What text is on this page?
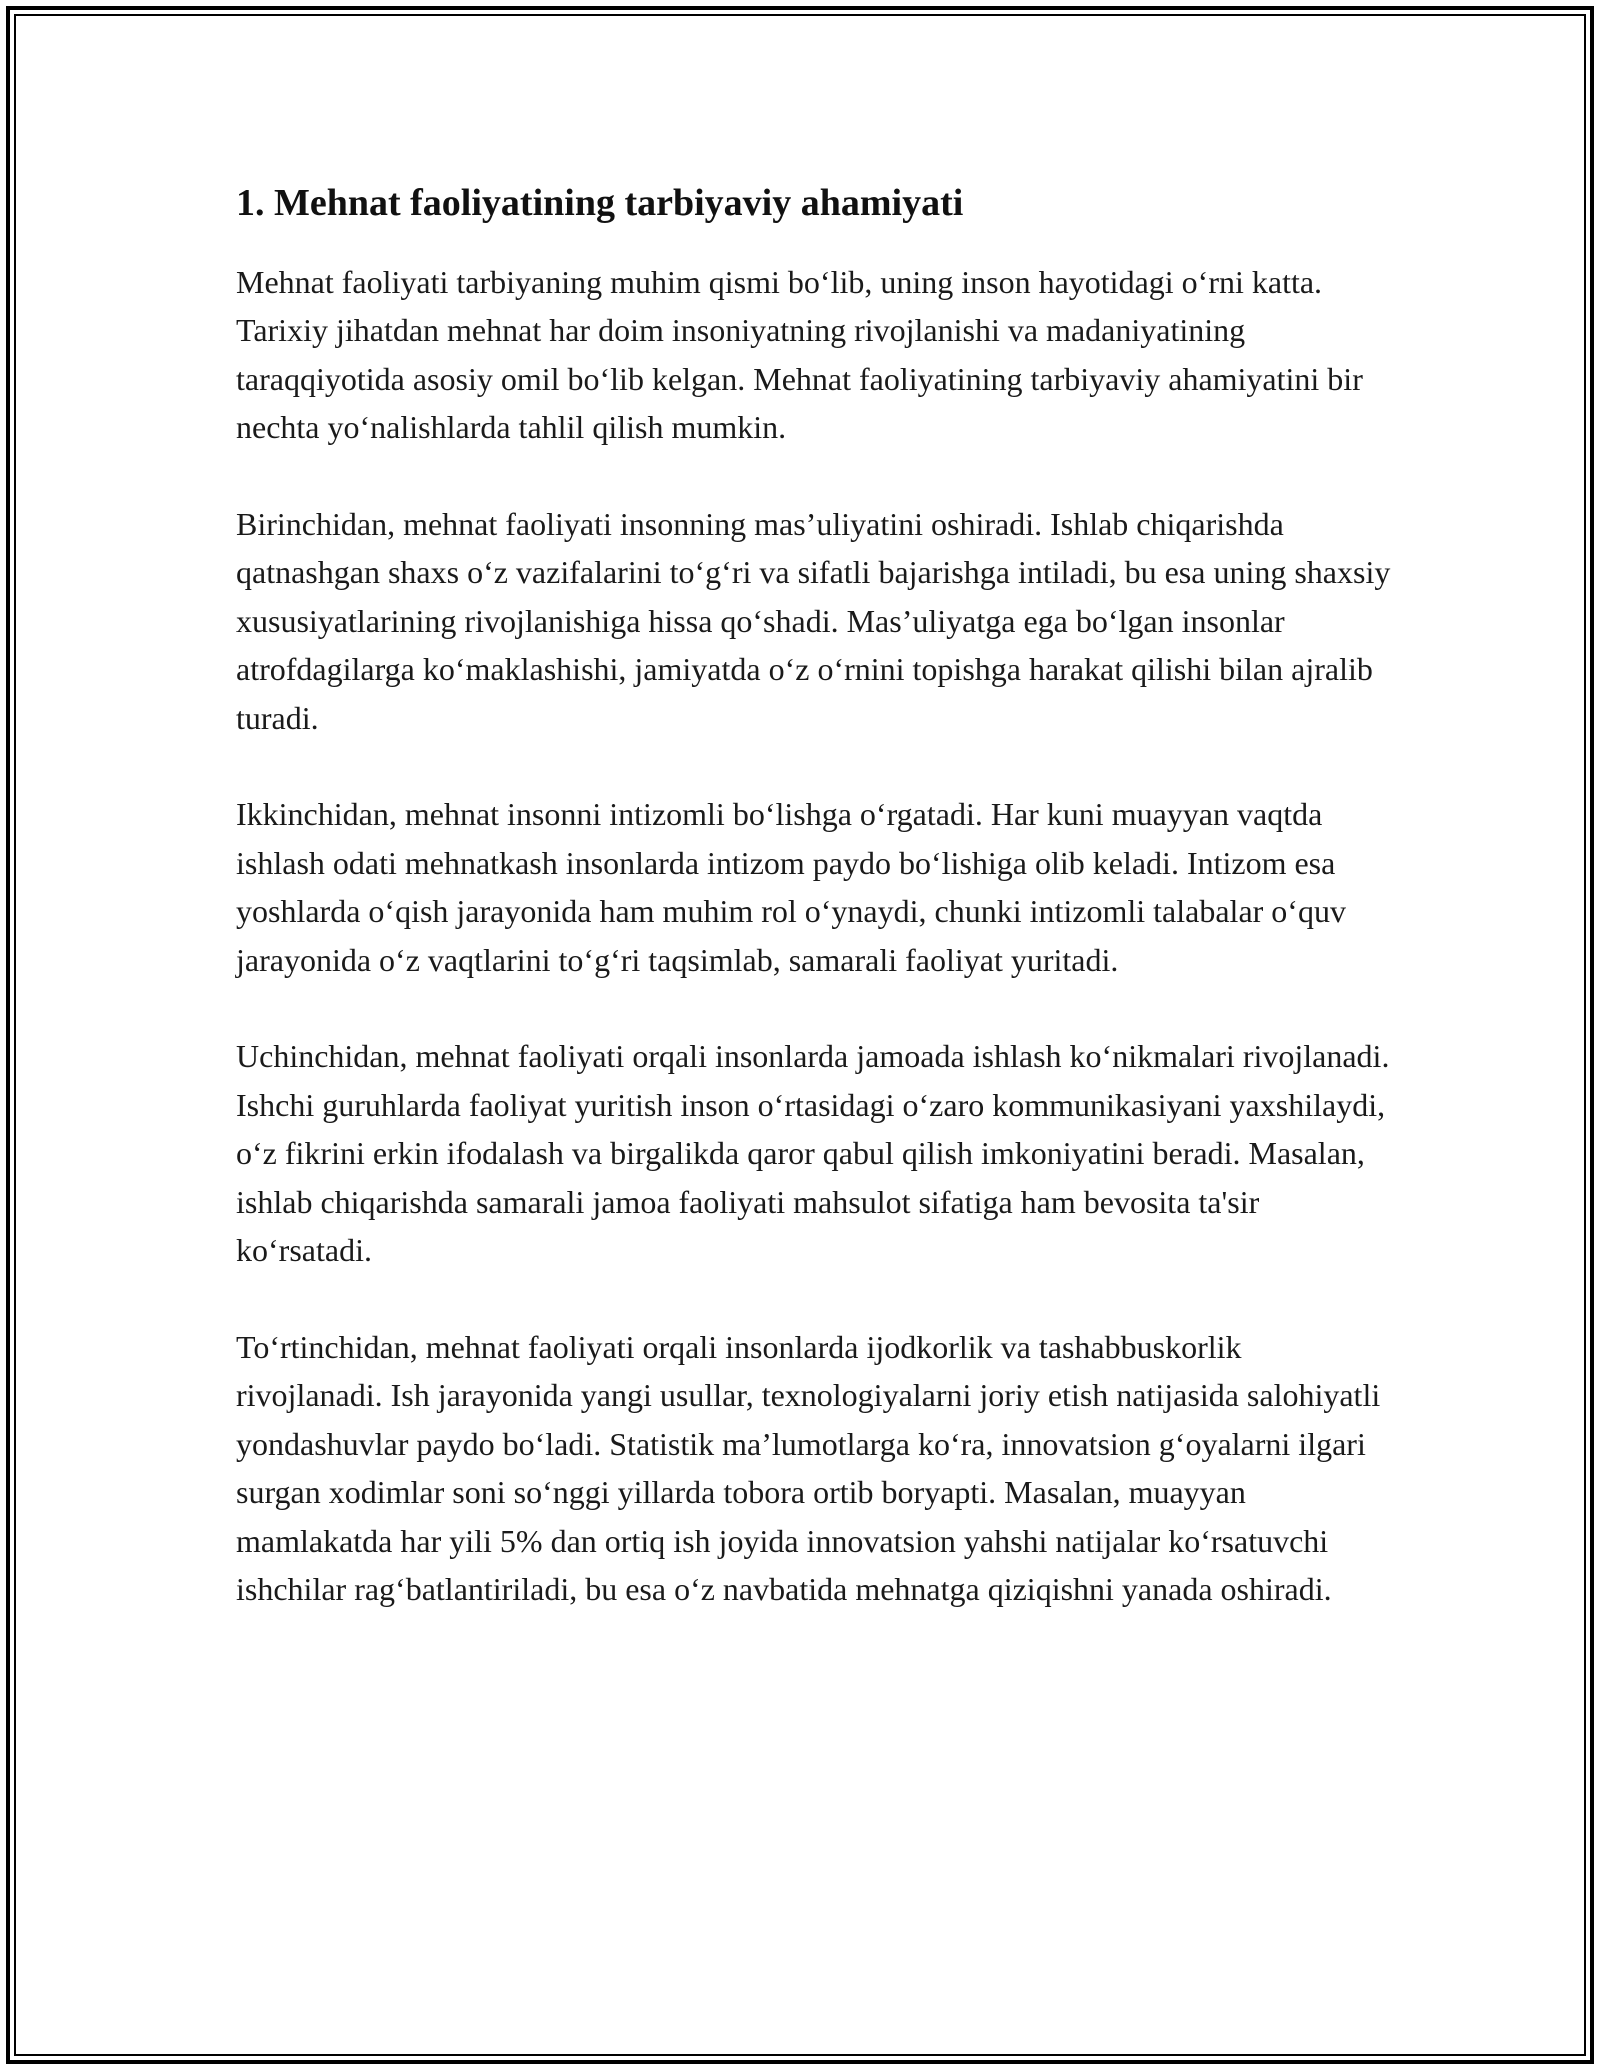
1. Mehnat faoliyatining tarbiyaviy ahamiyati

Mehnat faoliyati tarbiyaning muhim qismi bo‘lib, uning inson hayotidagi o‘rni katta. Tarixiy jihatdan mehnat har doim insoniyatning rivojlanishi va madaniyatining taraqqiyotida asosiy omil bo‘lib kelgan. Mehnat faoliyatining tarbiyaviy ahamiyatini bir nechta yo‘nalishlarda tahlil qilish mumkin.

Birinchidan, mehnat faoliyati insonning mas’uliyatini oshiradi. Ishlab chiqarishda qatnashgan shaxs o‘z vazifalarini to‘g‘ri va sifatli bajarishga intiladi, bu esa uning shaxsiy xususiyatlarining rivojlanishiga hissa qo‘shadi. Mas’uliyatga ega bo‘lgan insonlar atrofdagilarga ko‘maklashishi, jamiyatda o‘z o‘rnini topishga harakat qilishi bilan ajralib turadi.

Ikkinchidan, mehnat insonni intizomli bo‘lishga o‘rgatadi. Har kuni muayyan vaqtda ishlash odati mehnatkash insonlarda intizom paydo bo‘lishiga olib keladi. Intizom esa yoshlarda o‘qish jarayonida ham muhim rol o‘ynaydi, chunki intizomli talabalar o‘quv jarayonida o‘z vaqtlarini to‘g‘ri taqsimlab, samarali faoliyat yuritadi.

Uchinchidan, mehnat faoliyati orqali insonlarda jamoada ishlash ko‘nikmalari rivojlanadi. Ishchi guruhlarda faoliyat yuritish inson o‘rtasidagi o‘zaro kommunikasiyani yaxshilaydi, o‘z fikrini erkin ifodalash va birgalikda qaror qabul qilish imkoniyatini beradi. Masalan, ishlab chiqarishda samarali jamoa faoliyati mahsulot sifatiga ham bevosita ta'sir ko‘rsatadi.

To‘rtinchidan, mehnat faoliyati orqali insonlarda ijodkorlik va tashabbuskorlik rivojlanadi. Ish jarayonida yangi usullar, texnologiyalarni joriy etish natijasida salohiyatli yondashuvlar paydo bo‘ladi. Statistik ma’lumotlarga ko‘ra, innovatsion g‘oyalarni ilgari surgan xodimlar soni so‘nggi yillarda tobora ortib boryapti. Masalan, muayyan mamlakatda har yili 5% dan ortiq ish joyida innovatsion yahshi natijalar ko‘rsatuvchi ishchilar rag‘batlantiriladi, bu esa o‘z navbatida mehnatga qiziqishni yanada oshiradi.
